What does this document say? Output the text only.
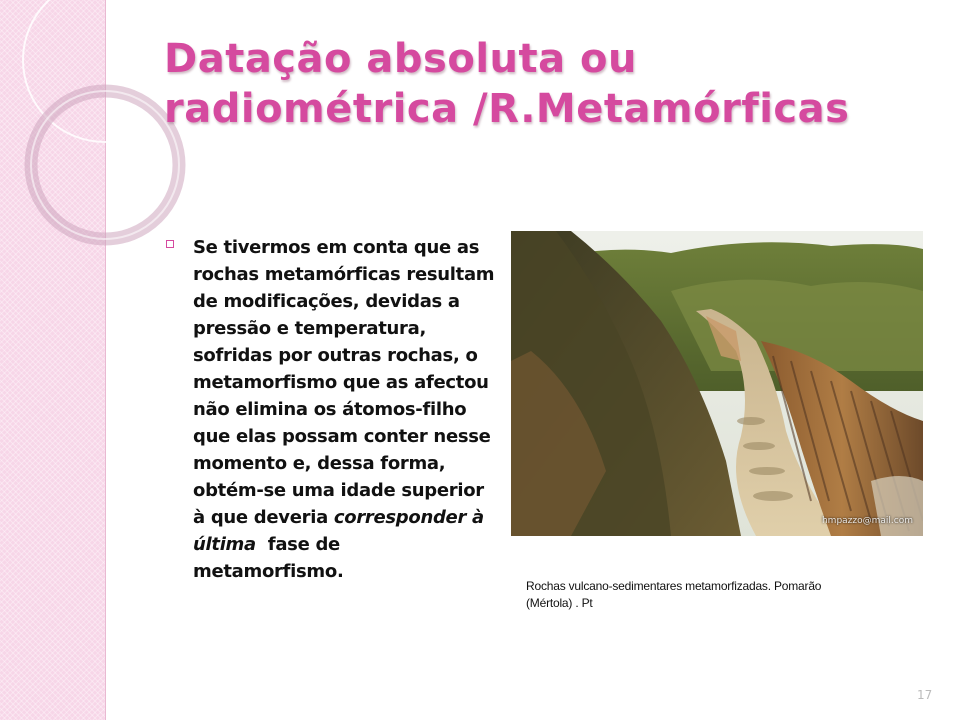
Datação absoluta ou
radiométrica /R.Metamórficas

Se tivermos em conta que as
rochas metamórficas resultam
de modificações, devidas a
pressão e temperatura,
sofridas por outras rochas, o
metamorfismo que as afectou
não elimina os átomos-filho
que elas possam conter nesse
momento e, dessa forma,
obtém-se uma idade superior
à que deveria corresponder à
última  fase de
metamorfismo.

hmpazzo@mail.com

Rochas vulcano-sedimentares metamorfizadas. Pomarão
(Mértola) . Pt

17
